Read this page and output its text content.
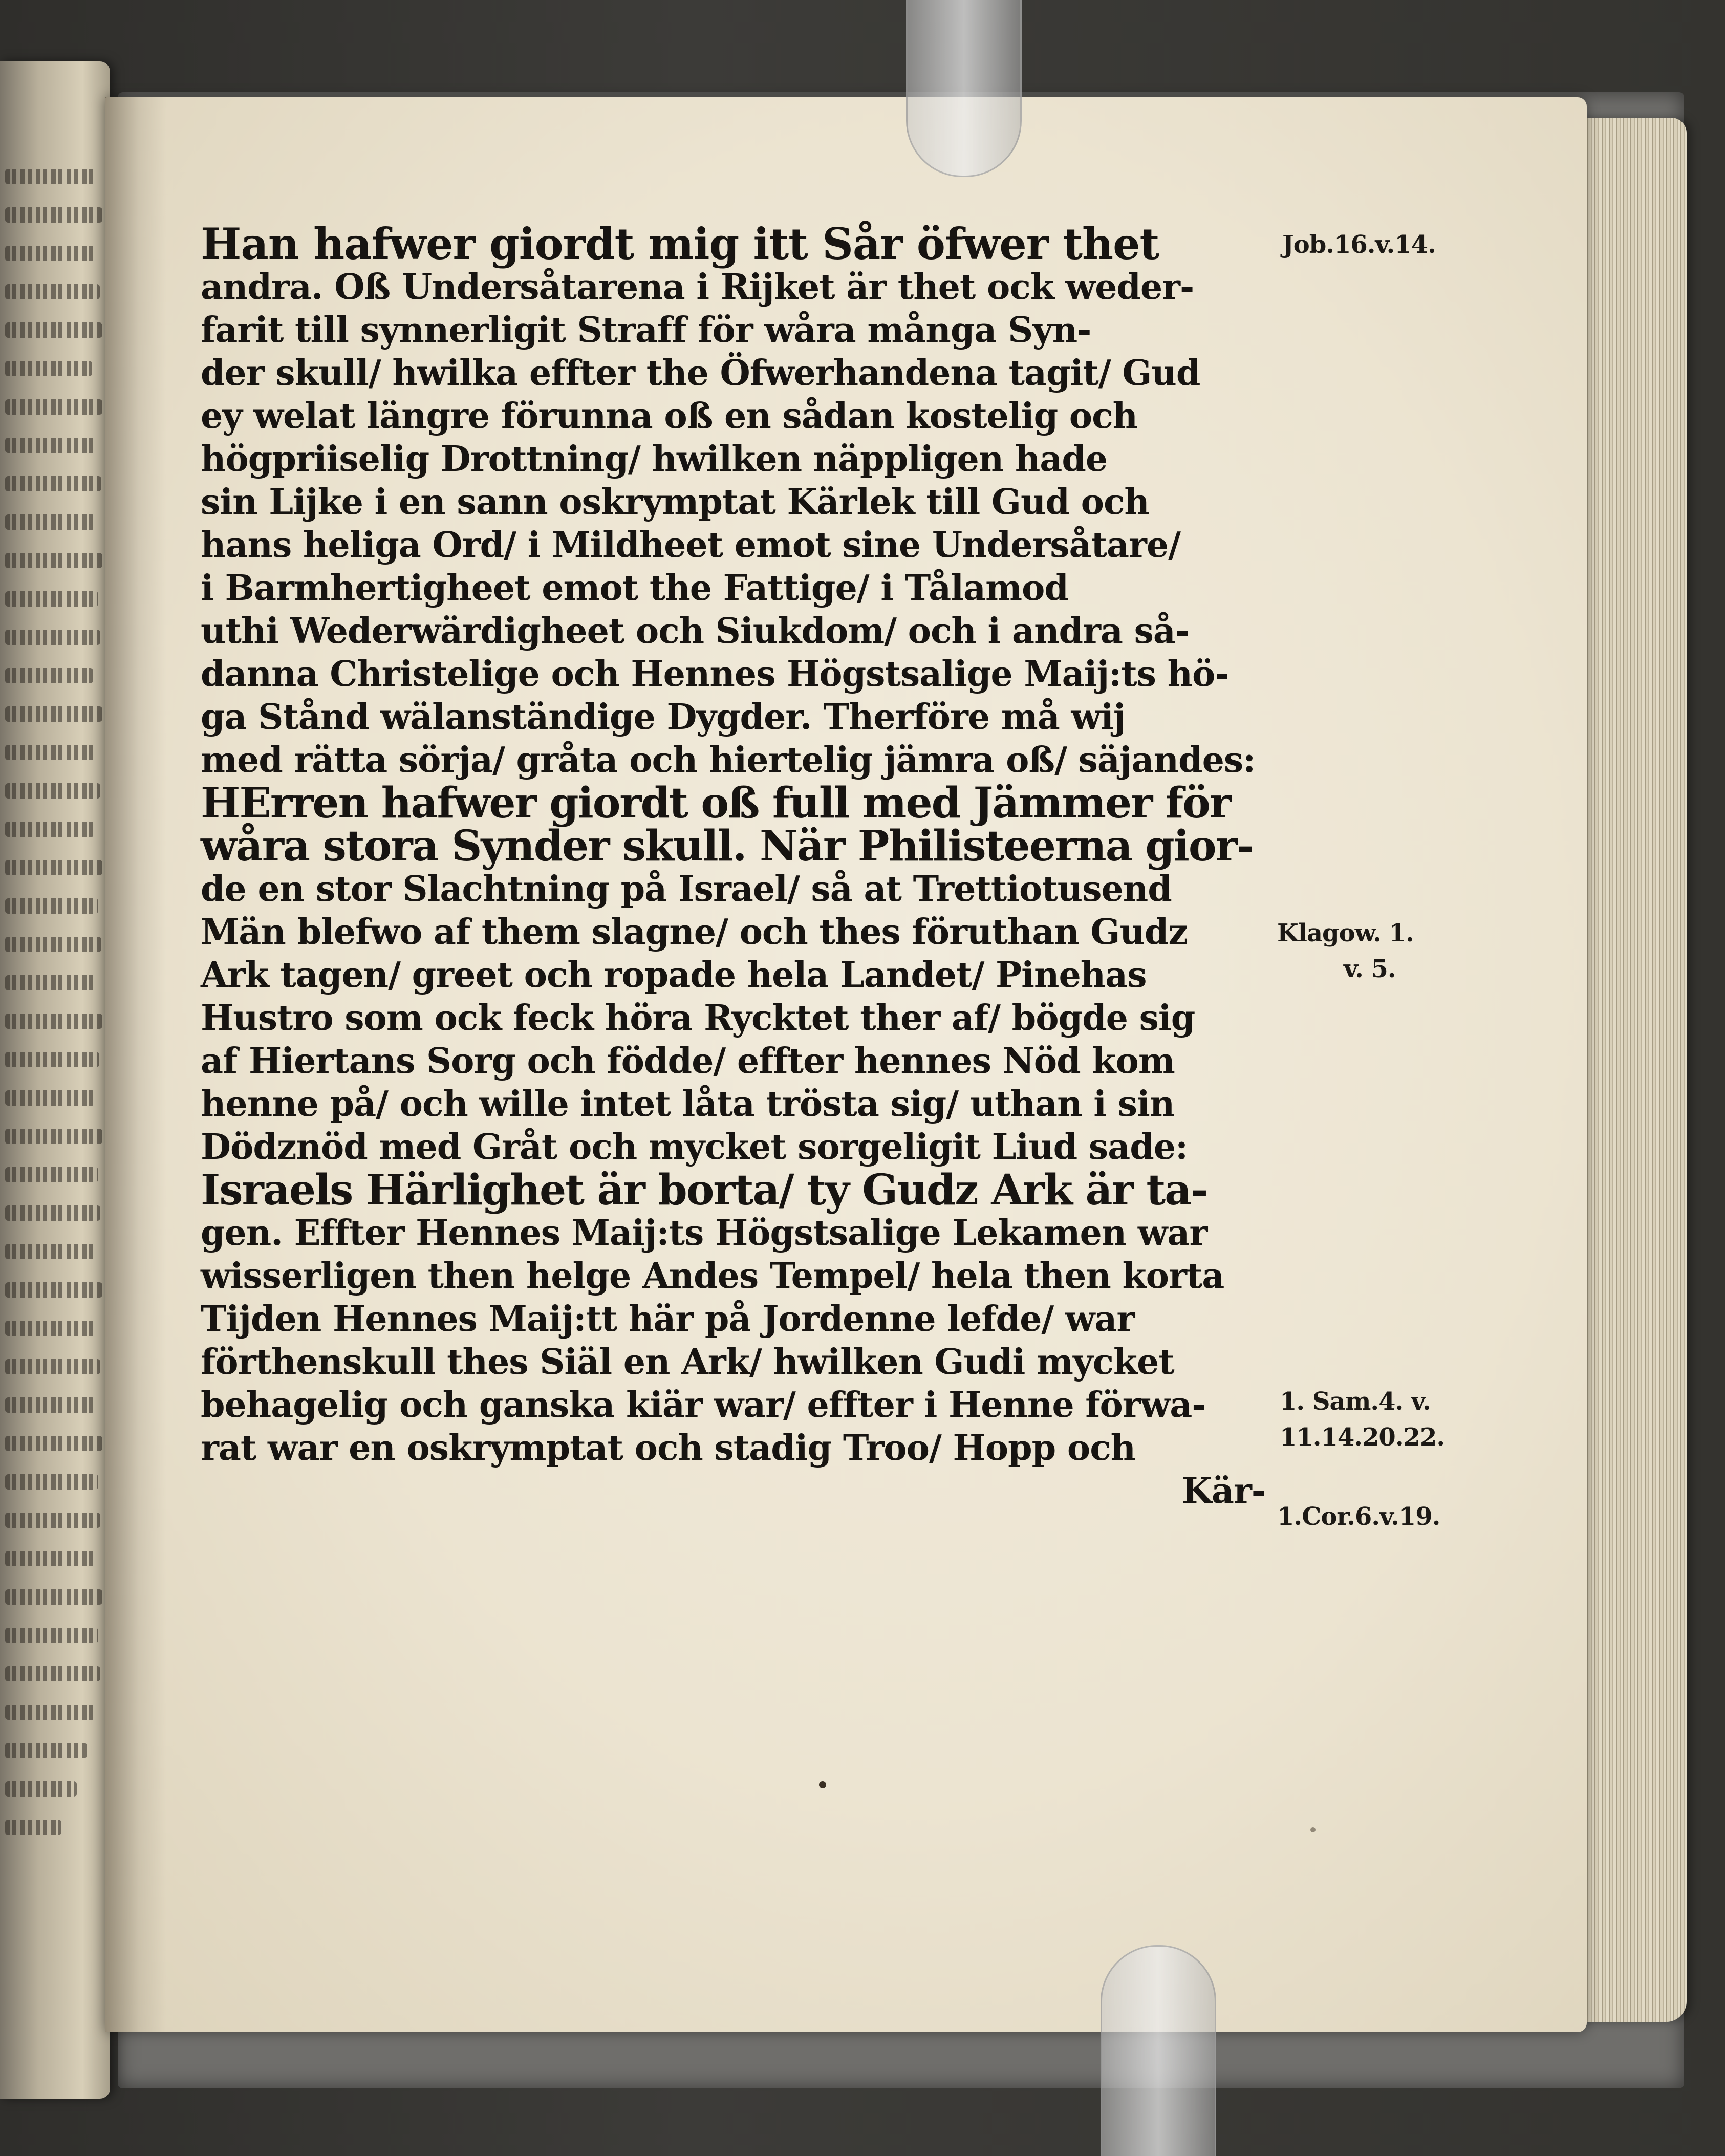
Han hafwer giordt mig itt Sår öfwer thet
andra. Oß Undersåtarena i Rijket är thet ock weder-
farit till synnerligit Straff för wåra många Syn-
der skull/ hwilka effter the Öfwerhandena tagit/ Gud
ey welat längre förunna oß en sådan kostelig och
högpriiselig Drottning/ hwilken näppligen hade
sin Lijke i en sann oskrymptat Kärlek till Gud och
hans heliga Ord/ i Mildheet emot sine Undersåtare/
i Barmhertigheet emot the Fattige/ i Tålamod
uthi Wederwärdigheet och Siukdom/ och i andra så-
danna Christelige och Hennes Högstsalige Maij:ts hö-
ga Stånd wälanständige Dygder. Therföre må wij
med rätta sörja/ gråta och hiertelig jämra oß/ säjandes:
HErren hafwer giordt oß full med Jämmer för
wåra stora Synder skull. När Philisteerna gior-
de en stor Slachtning på Israel/ så at Trettiotusend
Män blefwo af them slagne/ och thes föruthan Gudz
Ark tagen/ greet och ropade hela Landet/ Pinehas
Hustro som ock feck höra Rycktet ther af/ bögde sig
af Hiertans Sorg och födde/ effter hennes Nöd kom
henne på/ och wille intet låta trösta sig/ uthan i sin
Dödznöd med Gråt och mycket sorgeligit Liud sade:
Israels Härlighet är borta/ ty Gudz Ark är ta-
gen. Effter Hennes Maij:ts Högstsalige Lekamen war
wisserligen then helge Andes Tempel/ hela then korta
Tijden Hennes Maij:tt här på Jordenne lefde/ war
förthenskull thes Siäl en Ark/ hwilken Gudi mycket
behagelig och ganska kiär war/ effter i Henne förwa-
rat war en oskrymptat och stadig Troo/ Hopp och
Kär-
Job.16.v.14.
Klagow. 1.
v. 5.
1. Sam.4. v.
11.14.20.22.
1.Cor.6.v.19.
